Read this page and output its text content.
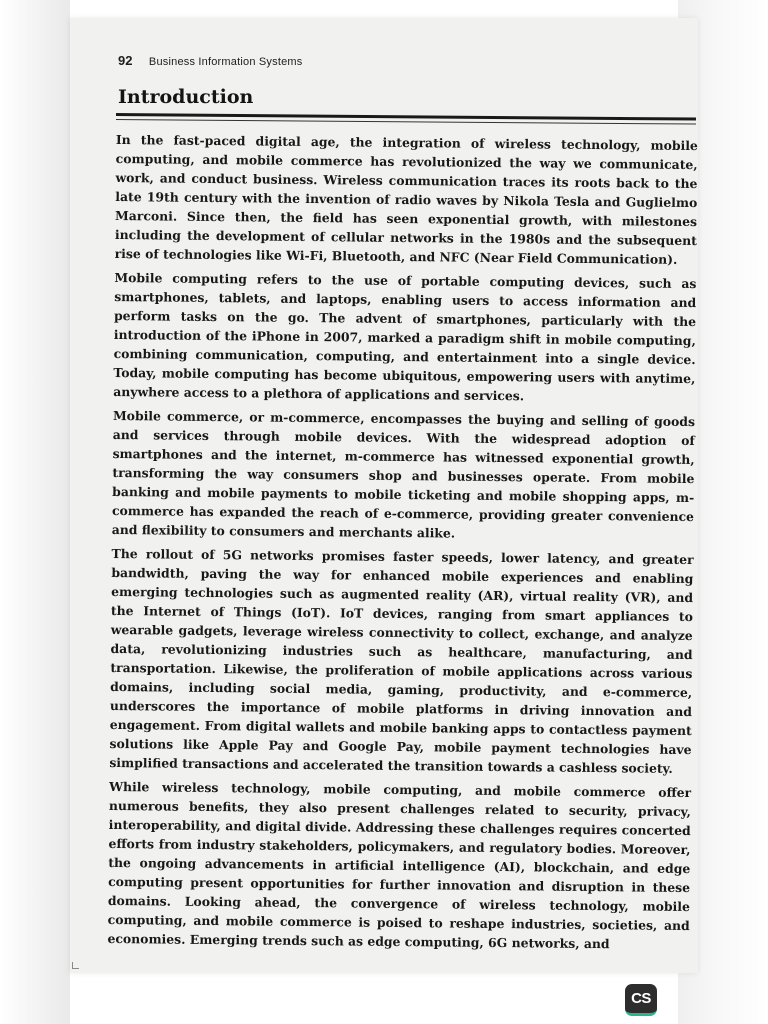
92 Business Information Systems
Introduction

In the fast-paced digital age, the integration of wireless technology, mobile computing, and mobile commerce has revolutionized the way we communicate, work, and conduct business. Wireless communication traces its roots back to the late 19th century with the invention of radio waves by Nikola Tesla and Guglielmo Marconi. Since then, the field has seen exponential growth, with milestones including the development of cellular networks in the 1980s and the subsequent rise of technologies like Wi-Fi, Bluetooth, and NFC (Near Field Communication).

Mobile computing refers to the use of portable computing devices, such as smartphones, tablets, and laptops, enabling users to access information and perform tasks on the go. The advent of smartphones, particularly with the introduction of the iPhone in 2007, marked a paradigm shift in mobile computing, combining communication, computing, and entertainment into a single device. Today, mobile computing has become ubiquitous, empowering users with anytime, anywhere access to a plethora of applications and services.

Mobile commerce, or m-commerce, encompasses the buying and selling of goods and services through mobile devices. With the widespread adoption of smartphones and the internet, m-commerce has witnessed exponential growth, transforming the way consumers shop and businesses operate. From mobile banking and mobile payments to mobile ticketing and mobile shopping apps, m-commerce has expanded the reach of e-commerce, providing greater convenience and flexibility to consumers and merchants alike.

The rollout of 5G networks promises faster speeds, lower latency, and greater bandwidth, paving the way for enhanced mobile experiences and enabling emerging technologies such as augmented reality (AR), virtual reality (VR), and the Internet of Things (IoT). IoT devices, ranging from smart appliances to wearable gadgets, leverage wireless connectivity to collect, exchange, and analyze data, revolutionizing industries such as healthcare, manufacturing, and transportation. Likewise, the proliferation of mobile applications across various domains, including social media, gaming, productivity, and e-commerce, underscores the importance of mobile platforms in driving innovation and engagement. From digital wallets and mobile banking apps to contactless payment solutions like Apple Pay and Google Pay, mobile payment technologies have simplified transactions and accelerated the transition towards a cashless society.

While wireless technology, mobile computing, and mobile commerce offer numerous benefits, they also present challenges related to security, privacy, interoperability, and digital divide. Addressing these challenges requires concerted efforts from industry stakeholders, policymakers, and regulatory bodies. Moreover, the ongoing advancements in artificial intelligence (AI), blockchain, and edge computing present opportunities for further innovation and disruption in these domains. Looking ahead, the convergence of wireless technology, mobile computing, and mobile commerce is poised to reshape industries, societies, and economies. Emerging trends such as edge computing, 6G networks, and

CS
